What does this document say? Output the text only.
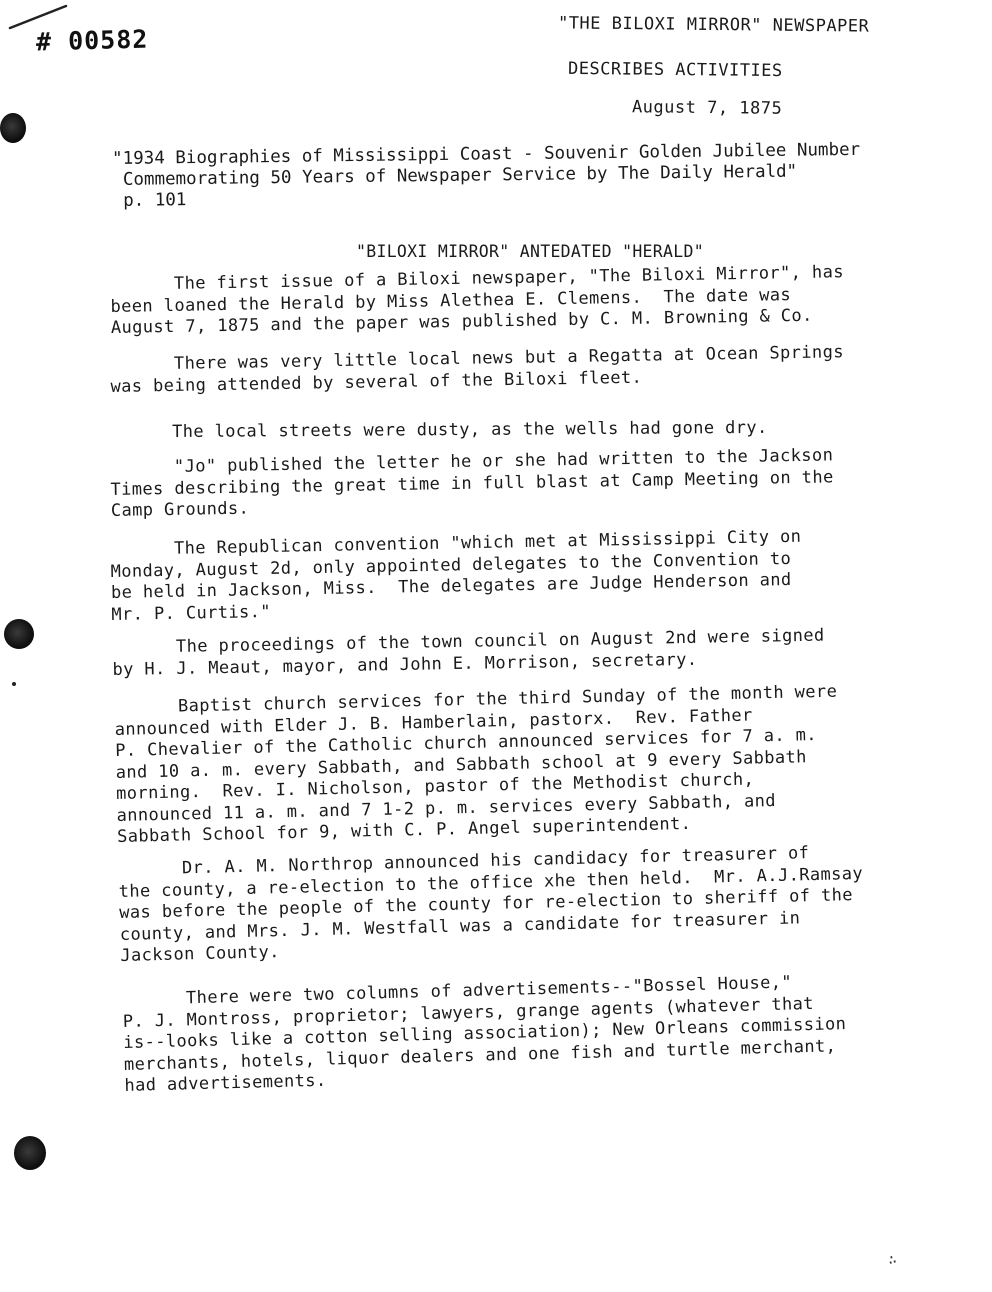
# 00582	"THE BILOXI MIRROR" NEWSPAPER
DESCRIBES ACTIVITIES
August 7, 1875
"1934 Biographies of Mississippi Coast - Souvenir Golden Jubilee Number
Commemorating 50 Years of Newspaper Service by The Daily Herald"
p. 101
"BILOXI MIRROR" ANTEDATED "HERALD"
The first issue of a Biloxi newspaper, "The Biloxi Mirror", has
been loaned the Herald by Miss Alethea E. Clemens.  The date was
August 7, 1875 and the paper was published by C. M. Browning & Co.
There was very little local news but a Regatta at Ocean Springs
was being attended by several of the Biloxi fleet.
The local streets were dusty, as the wells had gone dry.
"Jo" published the letter he or she had written to the Jackson
Times describing the great time in full blast at Camp Meeting on the
Camp Grounds.
The Republican convention "which met at Mississippi City on
Monday, August 2d, only appointed delegates to the Convention to
be held in Jackson, Miss.  The delegates are Judge Henderson and
Mr. P. Curtis."
The proceedings of the town council on August 2nd were signed
by H. J. Meaut, mayor, and John E. Morrison, secretary.
Baptist church services for the third Sunday of the month were
announced with Elder J. B. Hamberlain, pastorx.  Rev. Father
P. Chevalier of the Catholic church announced services for 7 a. m.
and 10 a. m. every Sabbath, and Sabbath school at 9 every Sabbath
morning.  Rev. I. Nicholson, pastor of the Methodist church,
announced 11 a. m. and 7 1-2 p. m. services every Sabbath, and
Sabbath School for 9, with C. P. Angel superintendent.
Dr. A. M. Northrop announced his candidacy for treasurer of
the county, a re-election to the office xhe then held.  Mr. A.J.Ramsay
was before the people of the county for re-election to sheriff of the
county, and Mrs. J. M. Westfall was a candidate for treasurer in
Jackson County.
There were two columns of advertisements--"Bossel House,"
P. J. Montross, proprietor; lawyers, grange agents (whatever that
is--looks like a cotton selling association); New Orleans commission
merchants, hotels, liquor dealers and one fish and turtle merchant,
had advertisements.
∴
